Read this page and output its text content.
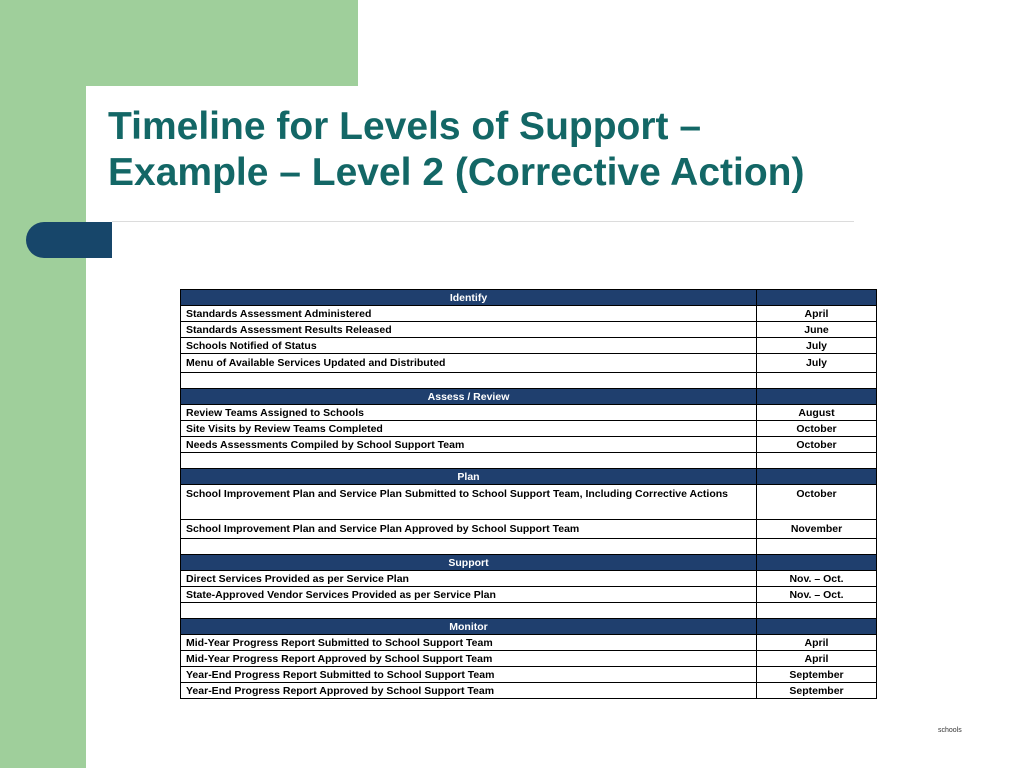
Timeline for Levels of Support –
Example – Level 2 (Corrective Action)
Identify	
Standards Assessment Administered	April
Standards Assessment Results Released	June
Schools Notified of Status	July
Menu of Available Services Updated and Distributed	July

Assess / Review	
Review Teams Assigned to Schools	August
Site Visits by Review Teams Completed	October
Needs Assessments Compiled by School Support Team	October

Plan	
School Improvement Plan and Service Plan Submitted to School Support Team, Including Corrective Actions	October
School Improvement Plan and Service Plan Approved by School Support Team	November

Support	
Direct Services Provided as per Service Plan	Nov. – Oct.
State-Approved Vendor Services Provided as per Service Plan	Nov. – Oct.

Monitor	
Mid-Year Progress Report Submitted to School Support Team	April
Mid-Year Progress Report Approved by School Support Team	April
Year-End Progress Report Submitted to School Support Team	September
Year-End Progress Report Approved by School Support Team	September
schools
